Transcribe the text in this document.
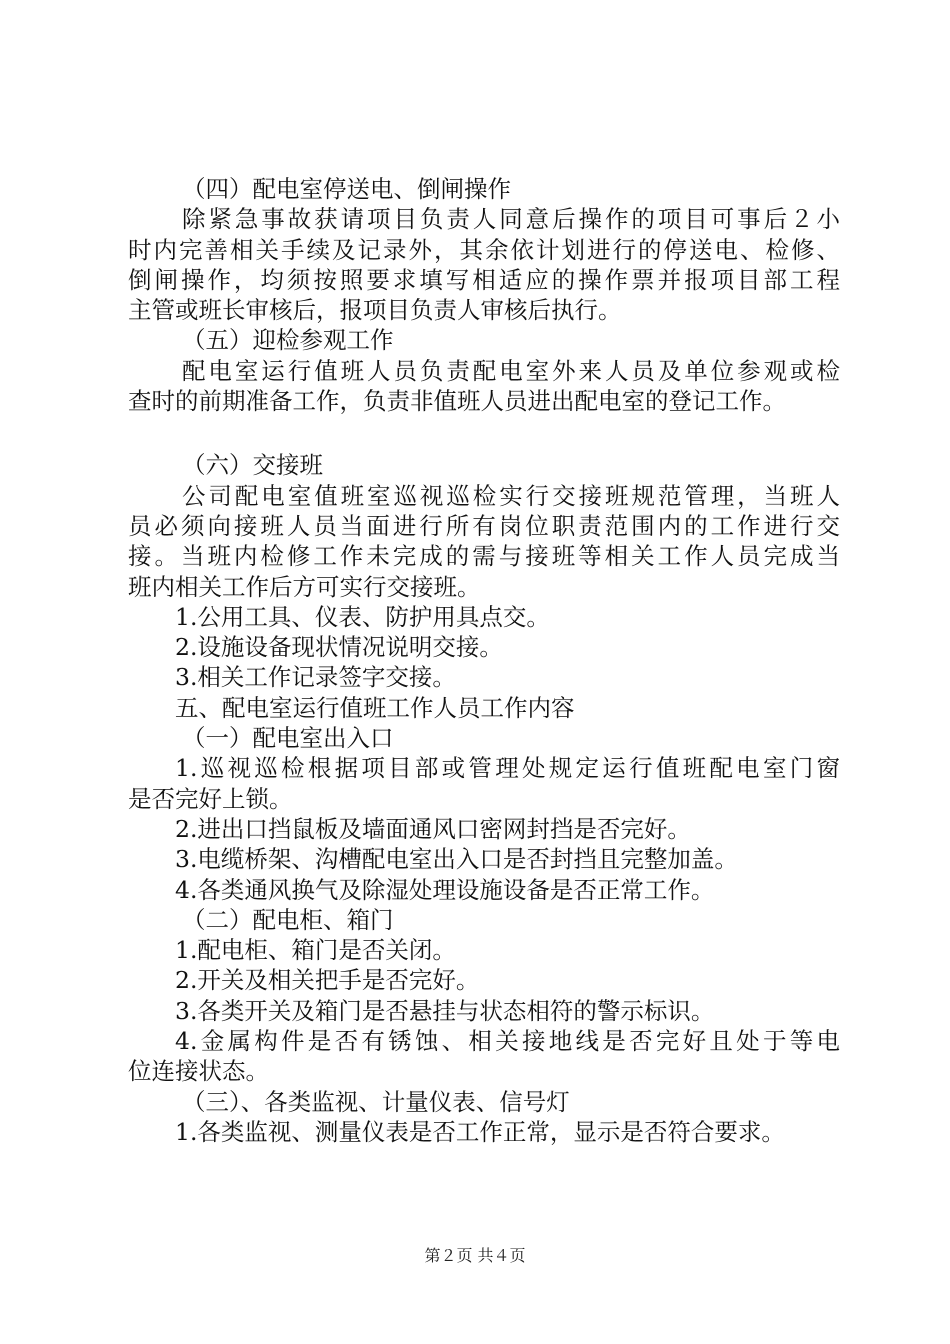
（四）配电室停送电、倒闸操作
除紧急事故获请项目负责人同意后操作的项目可事后２小
时内完善相关手续及记录外，其余依计划进行的停送电、检修、
倒闸操作，均须按照要求填写相适应的操作票并报项目部工程
主管或班长审核后，报项目负责人审核后执行。
（五）迎检参观工作
配电室运行值班人员负责配电室外来人员及单位参观或检
查时的前期准备工作，负责非值班人员进出配电室的登记工作。
（六）交接班
公司配电室值班室巡视巡检实行交接班规范管理，当班人
员必须向接班人员当面进行所有岗位职责范围内的工作进行交
接。当班内检修工作未完成的需与接班等相关工作人员完成当
班内相关工作后方可实行交接班。
1.公用工具、仪表、防护用具点交。
2.设施设备现状情况说明交接。
3.相关工作记录签字交接。
五、配电室运行值班工作人员工作内容
（一）配电室出入口
1.巡视巡检根据项目部或管理处规定运行值班配电室门窗
是否完好上锁。
2.进出口挡鼠板及墙面通风口密网封挡是否完好。
3.电缆桥架、沟槽配电室出入口是否封挡且完整加盖。
4.各类通风换气及除湿处理设施设备是否正常工作。
（二）配电柜、箱门
1.配电柜、箱门是否关闭。
2.开关及相关把手是否完好。
3.各类开关及箱门是否悬挂与状态相符的警示标识。
4.金属构件是否有锈蚀、相关接地线是否完好且处于等电
位连接状态。
（三）、各类监视、计量仪表、信号灯
1.各类监视、测量仪表是否工作正常，显示是否符合要求。
第２页 共４页
